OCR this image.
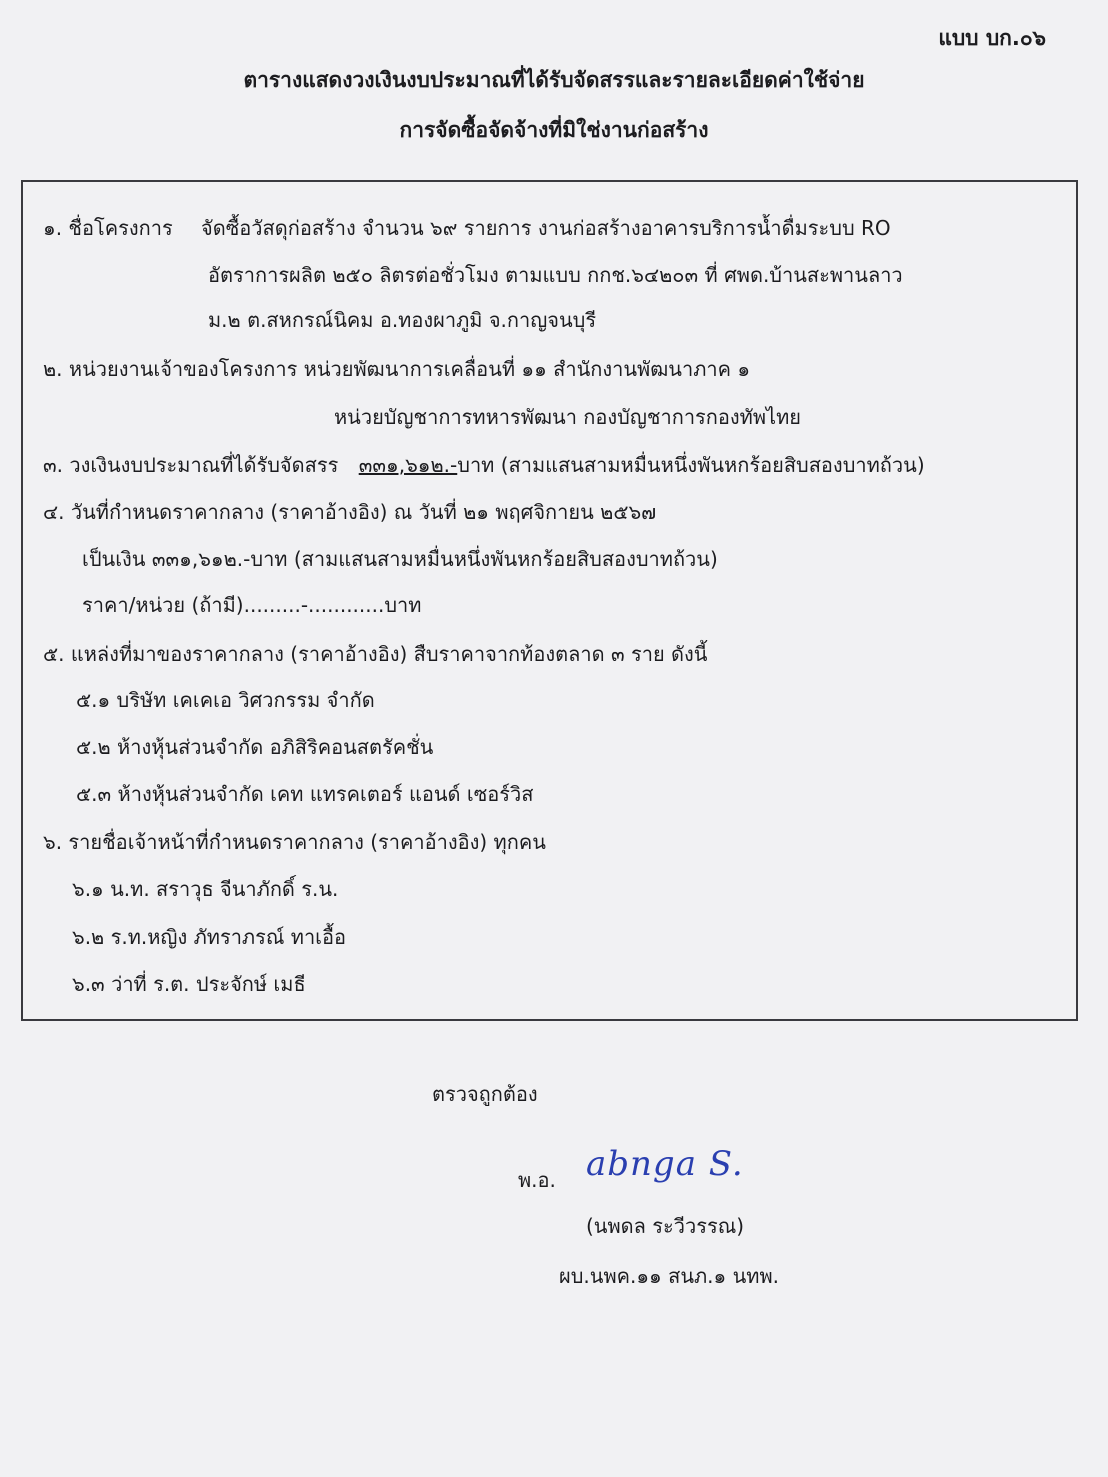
แบบ บก.๐๖
ตารางแสดงวงเงินงบประมาณที่ได้รับจัดสรรและรายละเอียดค่าใช้จ่าย
การจัดซื้อจัดจ้างที่มิใช่งานก่อสร้าง
๑. ชื่อโครงการ จัดซื้อวัสดุก่อสร้าง จำนวน ๖๙ รายการ งานก่อสร้างอาคารบริการน้ำดื่มระบบ RO
อัตราการผลิต ๒๕๐ ลิตรต่อชั่วโมง ตามแบบ กกช.๖๔๒๐๓ ที่ ศพด.บ้านสะพานลาว
ม.๒ ต.สหกรณ์นิคม อ.ทองผาภูมิ จ.กาญจนบุรี
๒. หน่วยงานเจ้าของโครงการ หน่วยพัฒนาการเคลื่อนที่ ๑๑ สำนักงานพัฒนาภาค ๑
หน่วยบัญชาการทหารพัฒนา กองบัญชาการกองทัพไทย
๓. วงเงินงบประมาณที่ได้รับจัดสรร ๓๓๑,๖๑๒.-บาท (สามแสนสามหมื่นหนึ่งพันหกร้อยสิบสองบาทถ้วน)
๔. วันที่กำหนดราคากลาง (ราคาอ้างอิง) ณ วันที่ ๒๑ พฤศจิกายน ๒๕๖๗
เป็นเงิน ๓๓๑,๖๑๒.-บาท (สามแสนสามหมื่นหนึ่งพันหกร้อยสิบสองบาทถ้วน)
ราคา/หน่วย (ถ้ามี).........-............บาท
๕. แหล่งที่มาของราคากลาง (ราคาอ้างอิง) สืบราคาจากท้องตลาด ๓ ราย ดังนี้
๕.๑ บริษัท เคเคเอ วิศวกรรม จำกัด
๕.๒ ห้างหุ้นส่วนจำกัด อภิสิริคอนสตรัคชั่น
๕.๓ ห้างหุ้นส่วนจำกัด เคท แทรคเตอร์ แอนด์ เซอร์วิส
๖. รายชื่อเจ้าหน้าที่กำหนดราคากลาง (ราคาอ้างอิง) ทุกคน
๖.๑ น.ท. สราวุธ จีนาภักดิ์ ร.น.
๖.๒ ร.ท.หญิง ภัทราภรณ์ ทาเอื้อ
๖.๓ ว่าที่ ร.ต. ประจักษ์ เมธี
ตรวจถูกต้อง
พ.อ. abnga S.
(นพดล ระวีวรรณ)
ผบ.นพค.๑๑ สนภ.๑ นทพ.
